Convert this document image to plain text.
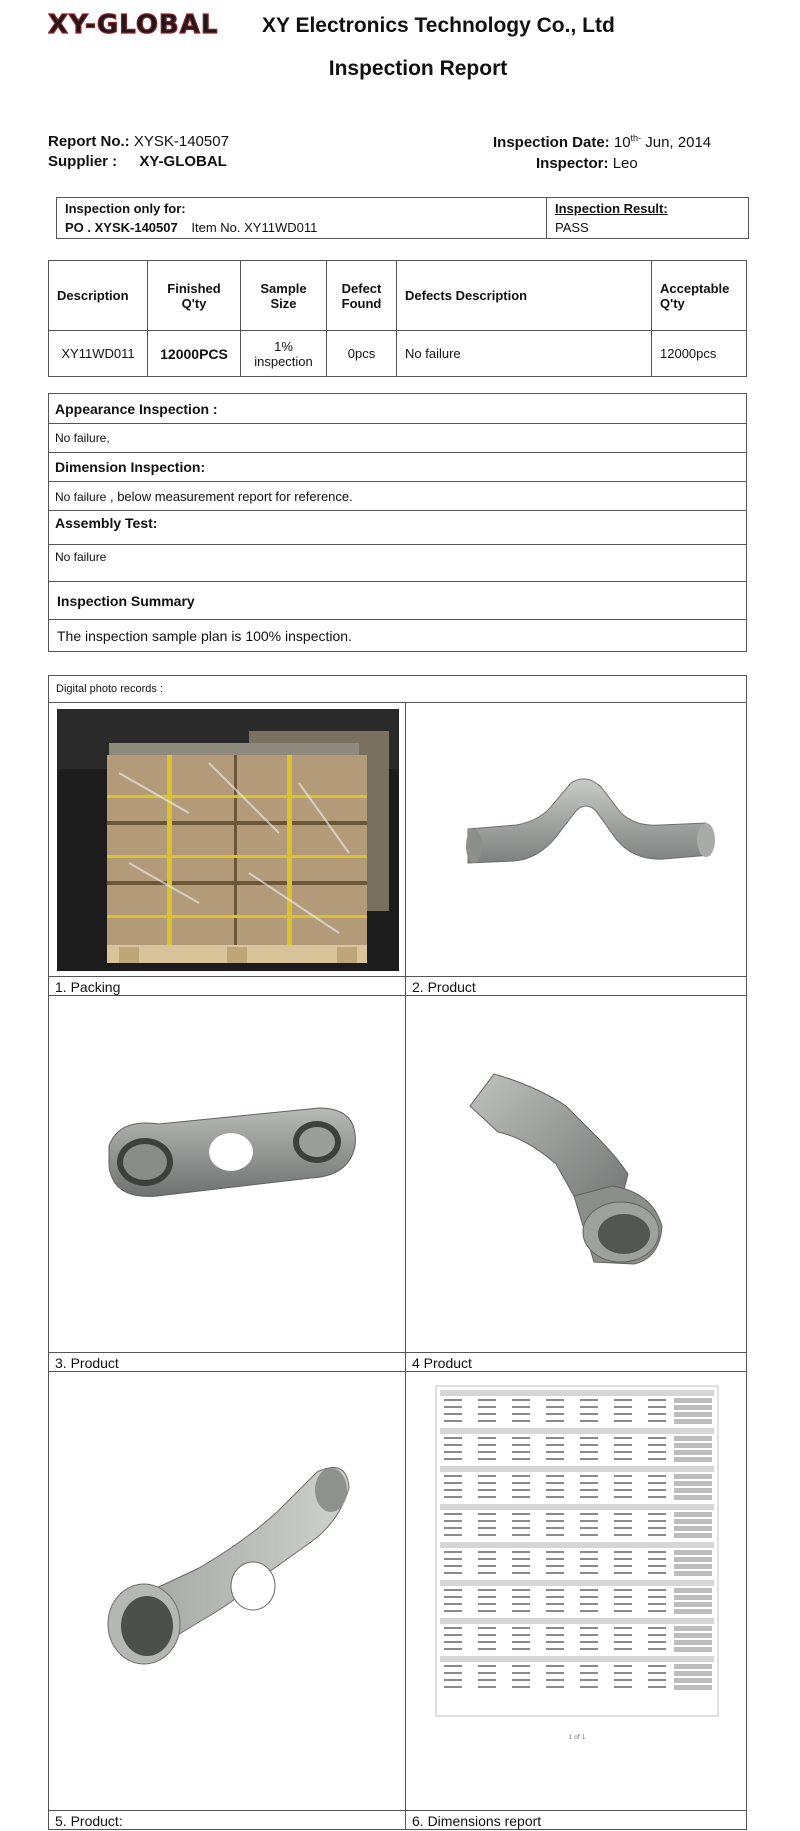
XY-GLOBAL XY Electronics Technology Co., Ltd
Inspection Report
Report No.: XYSK-140507
Supplier : XY-GLOBAL
Inspection Date: $10^{th-}$ Jun, 2014
Inspector: Leo
Inspection only for:
PO . XYSK-140507 Item No. XY11WD011

Inspection Result:
PASS
Description	Finished Q'ty	Sample Size	Defect Found	Defects Description	Acceptable Q'ty
XY11WD011	12000PCS	1% inspection	0pcs	No failure	12000pcs
Appearance Inspection :
No failure,
Dimension Inspection:
No failure , below measurement report for reference.
Assembly Test:
No failure
Inspection Summary
The inspection sample plan is 100% inspection.
Digital photo records :	

1. Packing	2. Product

3. Product	4 Product

1 of 1

5. Product:	6. Dimensions report
